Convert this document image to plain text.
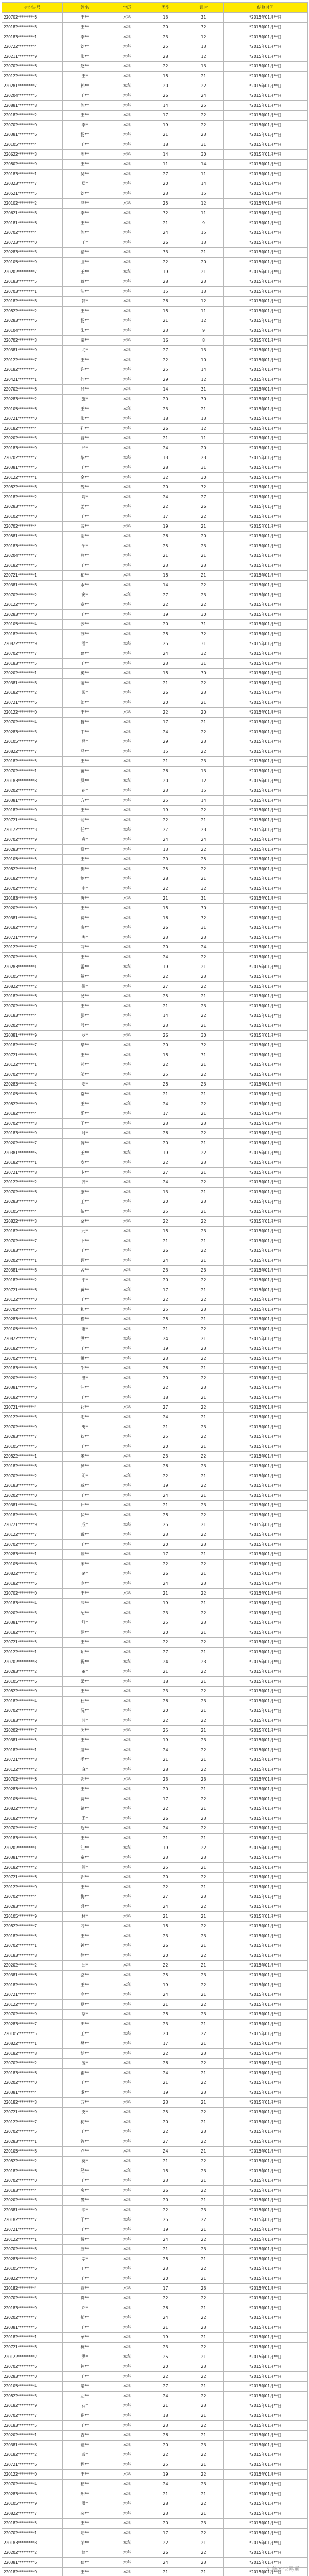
身份证号	姓名	学历	类型	课时	结算时间
220702*********6	王**	本科	13	31	*2015年01月**日
220182*********8	王**	本科	20	32	*2015年01月**日
220183*********1	李**	本科	23	12	*2015年01月**日
220722*********4	刘**	本科	25	13	*2015年01月**日
220211*********9	张**	本科	28	12	*2015年01月**日
220702*********6	赵**	本科	22	13	*2015年01月**日
220122*********3	王*	本科	18	21	*2015年01月**日
220281*********7	孙**	本科	20	22	*2015年01月**日
220204*********5	王**	本科	26	24	*2015年01月**日
220881*********8	陈**	本科	14	25	*2015年01月**日
220182*********2	王**	本科	17	22	*2015年01月**日
220702*********0	李*	本科	19	22	*2015年01月**日
220381*********6	杨**	本科	21	23	*2015年01月**日
220105*********4	王**	本科	18	31	*2015年01月**日
220622*********3	周**	本科	14	30	*2015年01月**日
220802*********9	王**	本科	11	14	*2015年01月**日
220183*********1	吴**	本科	27	11	*2015年01月**日
220323*********7	郑*	本科	20	14	*2015年01月**日
220521*********5	刘**	本科	23	15	*2015年01月**日
220102*********2	冯**	本科	25	12	*2015年01月**日
220621*********8	李**	本科	32	11	*2015年01月**日
220181*********6	王**	本科	21	9	*2015年01月**日
220702*********4	陈**	本科	24	15	*2015年01月**日
220723*********0	王*	本科	26	13	*2015年01月**日
220283*********3	褚**	本科	33	21	*2015年01月**日
220105*********9	卫**	本科	22	20	*2015年01月**日
220202*********7	王**	本科	19	21	*2015年01月**日
220183*********5	蒋**	本科	28	23	*2015年01月**日
220703*********1	沈**	本科	15	13	*2015年01月**日
220182*********8	韩*	本科	26	12	*2015年01月**日
220822*********2	王**	本科	18	11	*2015年01月**日
220283*********6	杨**	本科	21	12	*2015年01月**日
220104*********4	朱**	本科	23	9	*2015年01月**日
220702*********3	秦**	本科	16	8	*2015年01月**日
220381*********9	尤*	本科	27	13	*2015年01月**日
220122*********7	王**	本科	22	10	*2015年01月**日
220182*********5	许**	本科	25	14	*2015年01月**日
220421*********1	何**	本科	29	12	*2015年01月**日
220702*********8	吕**	本科	14	31	*2015年01月**日
220283*********2	施*	本科	20	30	*2015年01月**日
220105*********6	王**	本科	23	21	*2015年01月**日
220721*********0	张**	本科	18	13	*2015年01月**日
220182*********4	孔**	本科	26	12	*2015年01月**日
220202*********3	曹**	本科	21	11	*2015年01月**日
220183*********9	严*	本科	24	20	*2015年01月**日
220702*********7	华**	本科	13	23	*2015年01月**日
220381*********5	王**	本科	28	31	*2015年01月**日
220122*********1	金**	本科	32	30	*2015年01月**日
220822*********8	魏**	本科	20	32	*2015年01月**日
220182*********2	陶*	本科	24	27	*2015年01月**日
220283*********6	姜**	本科	22	26	*2015年01月**日
220102*********0	王**	本科	17	22	*2015年01月**日
220702*********4	戚**	本科	19	21	*2015年01月**日
220581*********3	谢**	本科	26	20	*2015年01月**日
220183*********9	邹*	本科	25	23	*2015年01月**日
220204*********7	喻**	本科	21	21	*2015年01月**日
220182*********5	王**	本科	23	23	*2015年01月**日
220721*********1	柏**	本科	18	21	*2015年01月**日
220381*********8	水**	本科	14	22	*2015年01月**日
220702*********2	窦*	本科	27	23	*2015年01月**日
220122*********6	章**	本科	22	22	*2015年01月**日
220283*********0	王**	本科	19	30	*2015年01月**日
220105*********4	云**	本科	20	31	*2015年01月**日
220182*********3	苏**	本科	28	32	*2015年01月**日
220822*********9	潘*	本科	25	31	*2015年01月**日
220702*********7	葛**	本科	24	32	*2015年01月**日
220183*********5	王**	本科	23	31	*2015年01月**日
220202*********1	奚**	本科	18	30	*2015年01月**日
220381*********8	范**	本科	21	22	*2015年01月**日
220182*********2	彭*	本科	26	23	*2015年01月**日
220721*********6	郎**	本科	20	21	*2015年01月**日
220122*********0	王**	本科	22	20	*2015年01月**日
220702*********4	鲁**	本科	17	21	*2015年01月**日
220283*********3	韦**	本科	24	22	*2015年01月**日
220105*********9	昌*	本科	29	23	*2015年01月**日
220822*********7	马**	本科	15	22	*2015年01月**日
220182*********5	王**	本科	21	23	*2015年01月**日
220702*********1	苗**	本科	26	13	*2015年01月**日
220183*********8	凤**	本科	20	12	*2015年01月**日
220202*********2	花*	本科	23	15	*2015年01月**日
220381*********6	方**	本科	25	14	*2015年01月**日
220182*********0	王**	本科	19	22	*2015年01月**日
220721*********4	俞**	本科	22	21	*2015年01月**日
220122*********3	任**	本科	27	23	*2015年01月**日
220702*********9	袁*	本科	24	24	*2015年01月**日
220283*********7	柳**	本科	13	22	*2015年01月**日
220105*********5	王**	本科	20	25	*2015年01月**日
220822*********1	酆**	本科	25	22	*2015年01月**日
220182*********8	鲍**	本科	28	21	*2015年01月**日
220702*********2	史*	本科	22	32	*2015年01月**日
220183*********6	唐**	本科	21	31	*2015年01月**日
220202*********0	王**	本科	18	30	*2015年01月**日
220381*********4	费**	本科	16	32	*2015年01月**日
220182*********3	廉**	本科	26	31	*2015年01月**日
220721*********9	岑*	本科	23	23	*2015年01月**日
220122*********7	薛**	本科	20	24	*2015年01月**日
220702*********5	王**	本科	24	22	*2015年01月**日
220283*********1	雷**	本科	19	21	*2015年01月**日
220105*********8	贺**	本科	22	23	*2015年01月**日
220822*********2	倪*	本科	27	22	*2015年01月**日
220182*********6	汤**	本科	25	21	*2015年01月**日
220702*********0	王**	本科	21	23	*2015年01月**日
220183*********4	滕**	本科	14	22	*2015年01月**日
220202*********3	殷**	本科	23	21	*2015年01月**日
220381*********9	罗*	本科	26	30	*2015年01月**日
220182*********7	毕**	本科	20	32	*2015年01月**日
220721*********5	王**	本科	18	31	*2015年01月**日
220122*********1	郝**	本科	22	21	*2015年01月**日
220702*********8	邬**	本科	25	22	*2015年01月**日
220283*********2	安*	本科	28	23	*2015年01月**日
220105*********6	常**	本科	21	21	*2015年01月**日
220822*********0	王**	本科	24	22	*2015年01月**日
220182*********4	乐**	本科	17	21	*2015年01月**日
220702*********3	于**	本科	23	23	*2015年01月**日
220183*********9	时*	本科	26	22	*2015年01月**日
220202*********7	傅**	本科	20	21	*2015年01月**日
220381*********5	王**	本科	19	22	*2015年01月**日
220182*********1	皮**	本科	22	23	*2015年01月**日
220721*********8	卞**	本科	27	21	*2015年01月**日
220122*********2	齐*	本科	24	22	*2015年01月**日
220702*********6	康**	本科	13	21	*2015年01月**日
220283*********0	王**	本科	20	23	*2015年01月**日
220105*********4	伍**	本科	25	21	*2015年01月**日
220822*********3	余**	本科	22	22	*2015年01月**日
220182*********9	元*	本科	18	23	*2015年01月**日
220702*********7	卜**	本科	21	21	*2015年01月**日
220183*********5	王**	本科	26	22	*2015年01月**日
220202*********1	顾**	本科	24	21	*2015年01月**日
220381*********8	孟**	本科	23	23	*2015年01月**日
220182*********2	平*	本科	20	22	*2015年01月**日
220721*********6	黄**	本科	17	21	*2015年01月**日
220122*********0	王**	本科	22	22	*2015年01月**日
220702*********4	和**	本科	25	23	*2015年01月**日
220283*********3	穆**	本科	28	21	*2015年01月**日
220105*********9	萧*	本科	21	22	*2015年01月**日
220822*********7	尹**	本科	24	21	*2015年01月**日
220182*********5	王**	本科	19	23	*2015年01月**日
220702*********1	姚**	本科	23	22	*2015年01月**日
220183*********8	邵**	本科	26	21	*2015年01月**日
220202*********2	湛*	本科	20	22	*2015年01月**日
220381*********6	汪**	本科	22	23	*2015年01月**日
220182*********0	王**	本科	18	21	*2015年01月**日
220721*********4	祁**	本科	27	22	*2015年01月**日
220122*********3	毛**	本科	24	21	*2015年01月**日
220702*********9	禹*	本科	21	23	*2015年01月**日
220283*********7	狄**	本科	25	22	*2015年01月**日
220105*********5	王**	本科	20	21	*2015年01月**日
220822*********1	米**	本科	23	22	*2015年01月**日
220182*********8	贝**	本科	26	23	*2015年01月**日
220702*********2	明*	本科	22	21	*2015年01月**日
220183*********6	臧**	本科	19	22	*2015年01月**日
220202*********0	王**	本科	24	21	*2015年01月**日
220381*********4	计**	本科	21	23	*2015年01月**日
220182*********3	伏**	本科	28	22	*2015年01月**日
220721*********9	成*	本科	25	21	*2015年01月**日
220122*********7	戴**	本科	23	22	*2015年01月**日
220702*********5	王**	本科	20	23	*2015年01月**日
220283*********1	谈**	本科	17	21	*2015年01月**日
220105*********8	宋**	本科	22	22	*2015年01月**日
220822*********2	茅*	本科	26	21	*2015年01月**日
220182*********6	庞**	本科	24	23	*2015年01月**日
220702*********0	王**	本科	21	22	*2015年01月**日
220183*********4	熊**	本科	19	21	*2015年01月**日
220202*********3	纪**	本科	23	22	*2015年01月**日
220381*********9	舒*	本科	25	23	*2015年01月**日
220182*********7	屈**	本科	20	21	*2015年01月**日
220721*********5	王**	本科	22	22	*2015年01月**日
220122*********1	项**	本科	27	21	*2015年01月**日
220702*********8	祝**	本科	24	23	*2015年01月**日
220283*********2	董*	本科	21	22	*2015年01月**日
220105*********6	梁**	本科	18	21	*2015年01月**日
220822*********0	王**	本科	23	22	*2015年01月**日
220182*********4	杜**	本科	26	23	*2015年01月**日
220702*********3	阮**	本科	20	21	*2015年01月**日
220183*********9	蓝*	本科	22	22	*2015年01月**日
220202*********7	闵**	本科	25	21	*2015年01月**日
220381*********5	王**	本科	19	23	*2015年01月**日
220182*********1	席**	本科	24	22	*2015年01月**日
220721*********8	季**	本科	21	21	*2015年01月**日
220122*********2	麻*	本科	28	22	*2015年01月**日
220702*********6	强**	本科	23	23	*2015年01月**日
220283*********0	王**	本科	20	21	*2015年01月**日
220105*********4	贾**	本科	17	22	*2015年01月**日
220822*********3	路**	本科	22	21	*2015年01月**日
220182*********9	娄*	本科	26	23	*2015年01月**日
220702*********7	危**	本科	24	22	*2015年01月**日
220183*********5	王**	本科	21	21	*2015年01月**日
220202*********1	江**	本科	19	22	*2015年01月**日
220381*********8	童**	本科	23	23	*2015年01月**日
220182*********2	颜*	本科	25	21	*2015年01月**日
220721*********6	郭**	本科	20	22	*2015年01月**日
220122*********0	王**	本科	22	21	*2015年01月**日
220702*********4	梅**	本科	27	23	*2015年01月**日
220283*********3	盛**	本科	24	22	*2015年01月**日
220105*********9	林*	本科	21	21	*2015年01月**日
220822*********7	刁**	本科	18	22	*2015年01月**日
220182*********5	王**	本科	23	23	*2015年01月**日
220702*********1	钟**	本科	26	21	*2015年01月**日
220183*********8	徐**	本科	20	22	*2015年01月**日
220202*********2	邱*	本科	22	21	*2015年01月**日
220381*********6	骆**	本科	25	23	*2015年01月**日
220182*********0	王**	本科	19	22	*2015年01月**日
220721*********4	高**	本科	24	21	*2015年01月**日
220122*********3	夏**	本科	21	22	*2015年01月**日
220702*********9	蔡*	本科	28	23	*2015年01月**日
220283*********7	田**	本科	23	21	*2015年01月**日
220105*********5	王**	本科	20	22	*2015年01月**日
220822*********1	樊**	本科	17	21	*2015年01月**日
220182*********8	胡**	本科	22	23	*2015年01月**日
220702*********2	凌*	本科	26	22	*2015年01月**日
220183*********6	霍**	本科	24	21	*2015年01月**日
220202*********0	王**	本科	21	22	*2015年01月**日
220381*********4	虞**	本科	19	23	*2015年01月**日
220182*********3	万**	本科	23	21	*2015年01月**日
220721*********9	支*	本科	25	22	*2015年01月**日
220122*********7	柯**	本科	20	21	*2015年01月**日
220702*********5	王**	本科	22	23	*2015年01月**日
220283*********1	管**	本科	27	22	*2015年01月**日
220105*********8	卢**	本科	24	21	*2015年01月**日
220822*********2	莫*	本科	21	22	*2015年01月**日
220182*********6	经**	本科	18	23	*2015年01月**日
220702*********0	王**	本科	23	21	*2015年01月**日
220183*********4	房**	本科	26	22	*2015年01月**日
220202*********3	裘**	本科	20	21	*2015年01月**日
220381*********9	缪*	本科	22	23	*2015年01月**日
220182*********7	干**	本科	25	22	*2015年01月**日
220721*********5	王**	本科	19	21	*2015年01月**日
220122*********1	解**	本科	24	22	*2015年01月**日
220702*********8	应**	本科	21	23	*2015年01月**日
220283*********2	宗*	本科	28	21	*2015年01月**日
220105*********6	丁**	本科	23	22	*2015年01月**日
220822*********0	王**	本科	20	21	*2015年01月**日
220182*********4	宣**	本科	17	23	*2015年01月**日
220702*********3	贲**	本科	22	22	*2015年01月**日
220183*********9	邓*	本科	26	21	*2015年01月**日
220202*********7	郁**	本科	24	22	*2015年01月**日
220381*********5	王**	本科	21	23	*2015年01月**日
220182*********1	单**	本科	19	21	*2015年01月**日
220721*********8	杭**	本科	23	22	*2015年01月**日
220122*********2	洪*	本科	25	21	*2015年01月**日
220702*********6	包**	本科	20	23	*2015年01月**日
220283*********0	王**	本科	22	22	*2015年01月**日
220105*********4	诸**	本科	27	21	*2015年01月**日
220822*********3	左**	本科	24	22	*2015年01月**日
220182*********9	石*	本科	21	23	*2015年01月**日
220702*********7	崔**	本科	18	21	*2015年01月**日
220183*********5	王**	本科	23	22	*2015年01月**日
220202*********1	吉**	本科	26	21	*2015年01月**日
220381*********8	钮**	本科	20	23	*2015年01月**日
220182*********2	龚*	本科	22	22	*2015年01月**日
220721*********6	程**	本科	25	21	*2015年01月**日
220122*********0	王**	本科	19	22	*2015年01月**日
220702*********4	嵇**	本科	24	23	*2015年01月**日
220283*********3	邢**	本科	21	21	*2015年01月**日
220105*********9	滑*	本科	28	22	*2015年01月**日
220822*********7	裴**	本科	23	21	*2015年01月**日
220182*********5	王**	本科	20	23	*2015年01月**日
220702*********1	陆**	本科	17	22	*2015年01月**日
220183*********8	荣**	本科	22	21	*2015年01月**日
220202*********2	翁*	本科	26	22	*2015年01月**日
220381*********6	荀**	本科	24	23	*2015年01月**日
220182*********0	王**	本科	21	21	*2015年01月**日

头条@快易通
